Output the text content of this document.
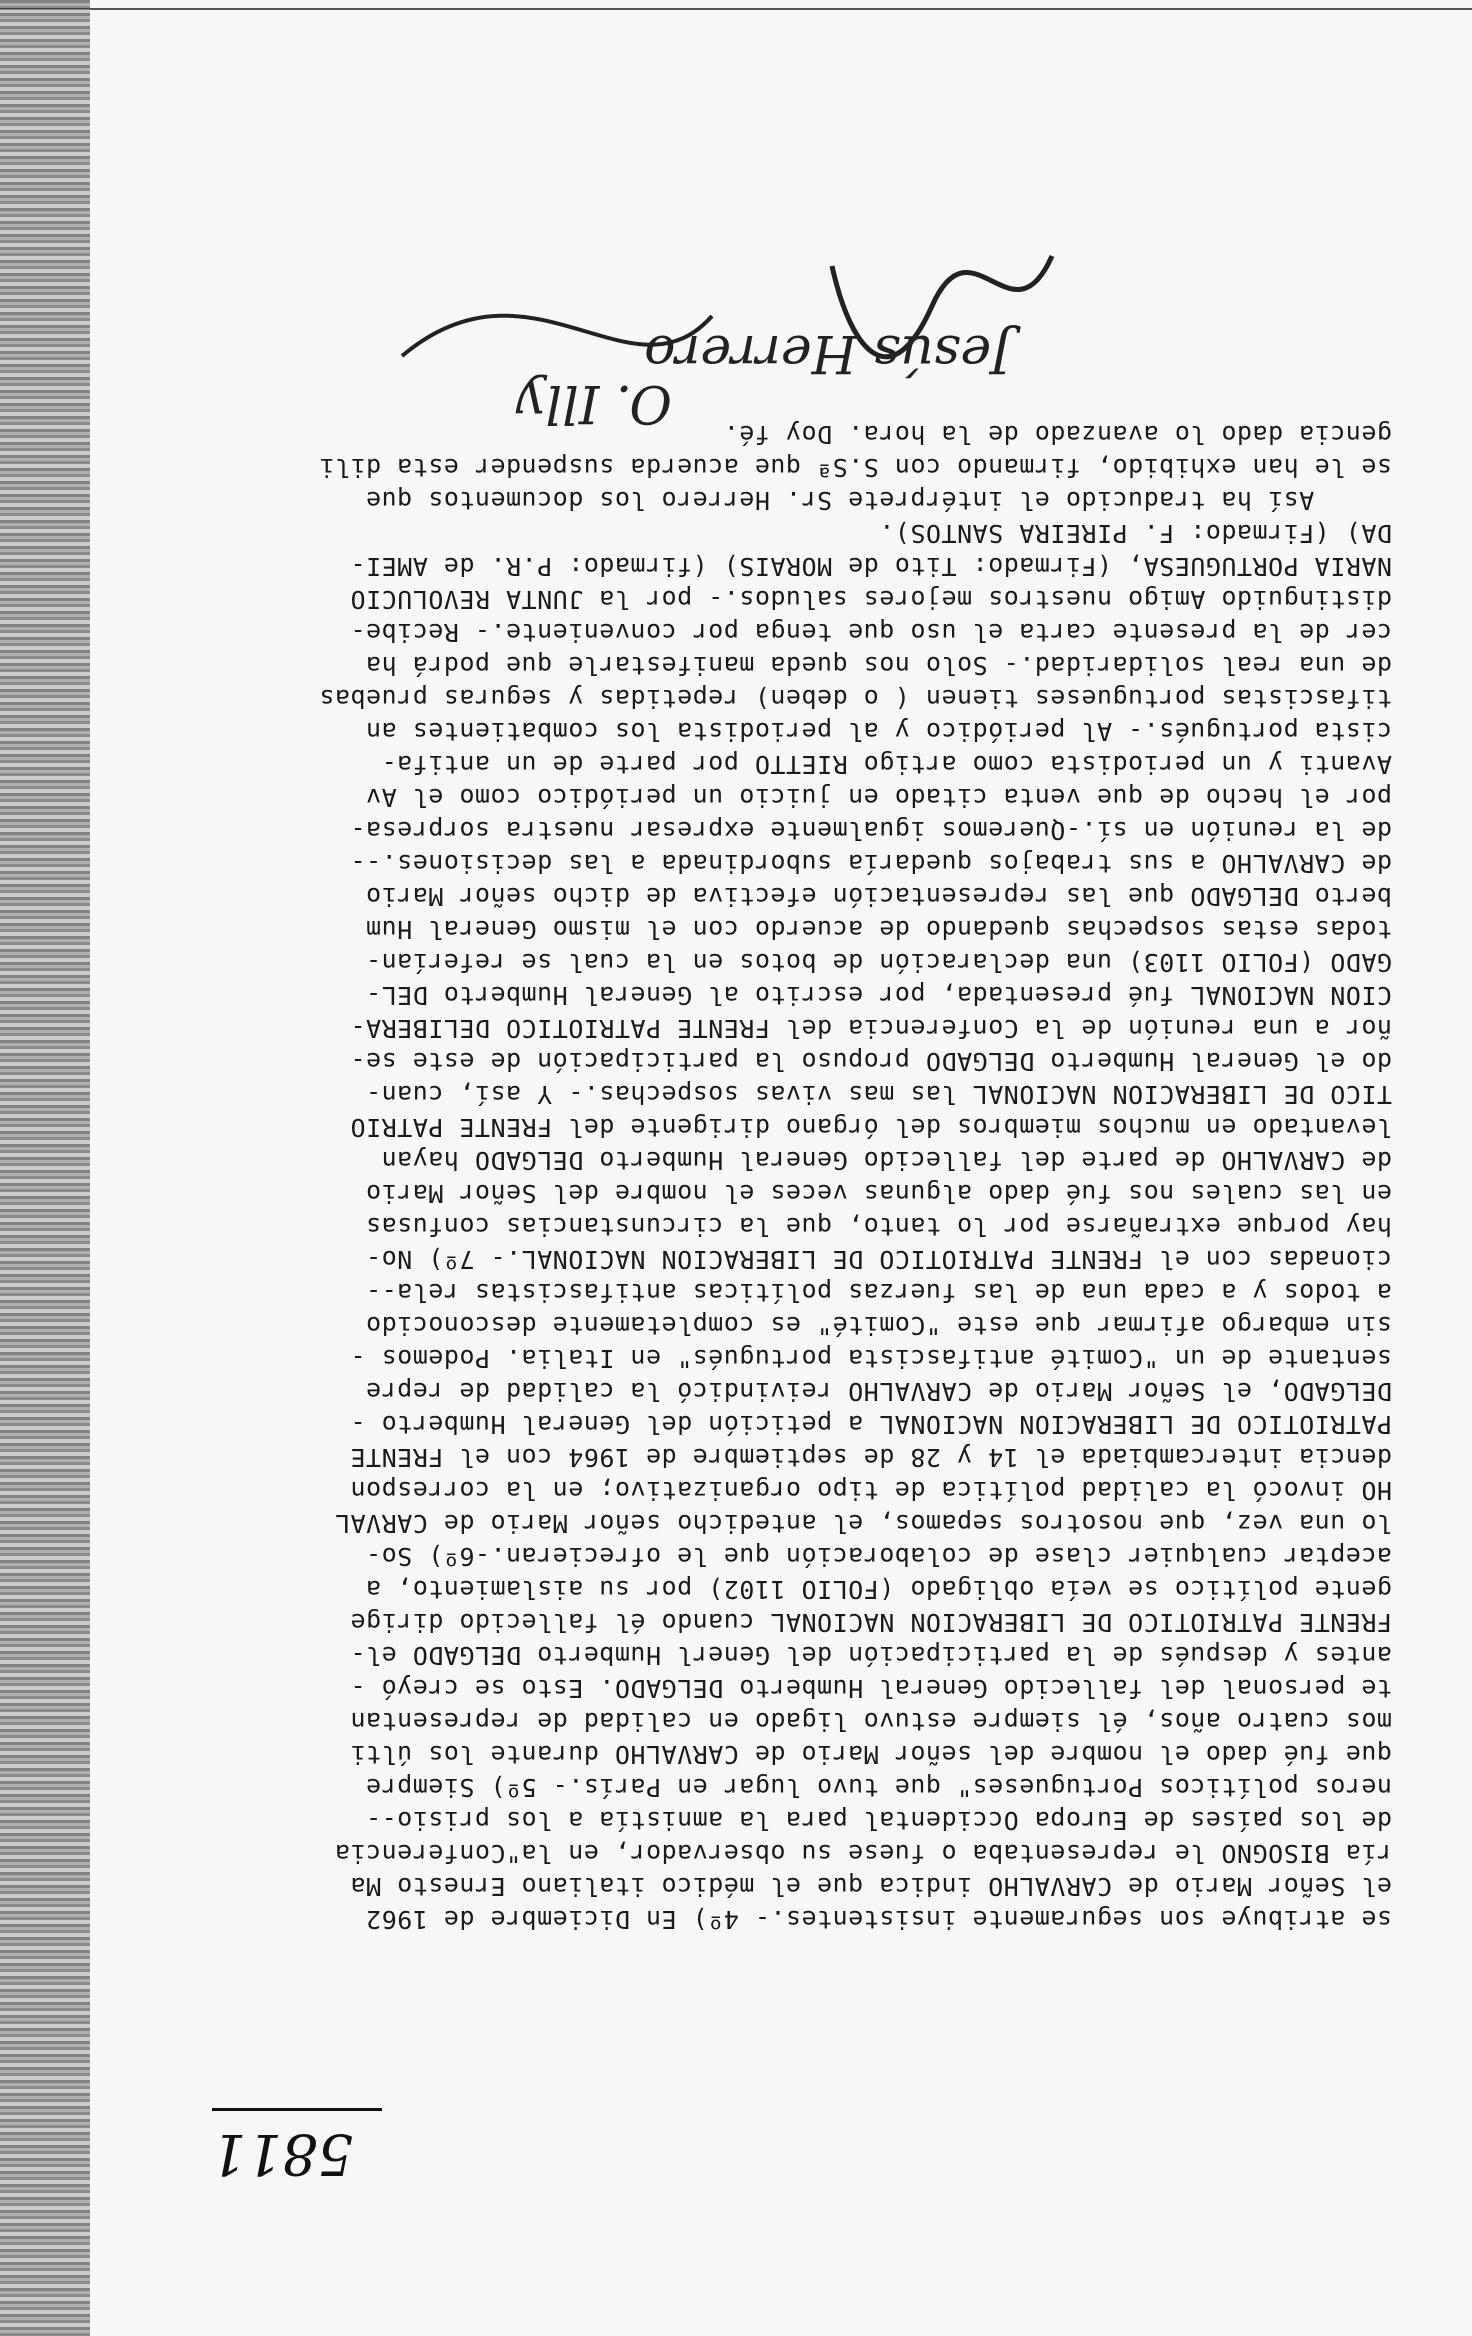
se atribuye son seguramente insistentes.- 4º) En Diciembre de 1962

el Señor Mario de CARVALHO indica que el médico italiano Ernesto Ma

ría BISOGNO le representaba o fuese su observador, en la"Conferencia

de los países de Europa Occidental para la amnistía a los prisio--

neros políticos Portugueses" que tuvo lugar en París.- 5º) Siempre

que fué dado el nombre del señor Mario de CARVALHO durante los últi

mos cuatro años, él siempre estuvo ligado en calidad de representan

te personal del fallecido General Humberto DELGADO. Esto se creyó -

antes y después de la participación del Generl Humberto DELGADO el-

FRENTE PATRIOTICO DE LIBERACION NACIONAL cuando él fallecido dirige

gente político se veía obligado (FOLIO 1102) por su aislamiento, a

aceptar cualquier clase de colaboración que le ofrecieran.-6º) So-

lo una vez, que nosotros sepamos, el antedicho señor Mario de CARVAL

HO invocó la calidad política de tipo organizativo; en la correspon

dencia intercambiada el 14 y 28 de septiembre de 1964 con el FRENTE

PATRIOTICO DE LIBERACION NACIONAL a petición del General Humberto -

DELGADO, el Señor Mario de CARVALHO reivindicó la calidad de repre

sentante de un "Comité antifascista portugués" en Italia. Podemos -

sin embargo afirmar que este "Comité" es completamente desconocido

a todos y a cada una de las fuerzas políticas antifascistas rela--

cionadas con el FRENTE PATRIOTICO DE LIBERACION NACIONAL.- 7º) No-

hay porque extrañarse por lo tanto, que la circunstancias confusas

en las cuales nos fué dado algunas veces el nombre del Señor Mario

de CARVALHO de parte del fallecido General Humberto DELGADO hayan

levantado en muchos miembros del órgano dirigente del FRENTE PATRIO

TICO DE LIBERACION NACIONAL las mas vivas sospechas.- Y así, cuan-

do el General Humberto DELGADO propuso la participación de este se-

ñor a una reunión de la Conferencia del FRENTE PATRIOTICO DELIBERA-

CION NACIONAL fué presentada, por escrito al General Humberto DEL-

GADO (FOLIO 1103) una declaración de botos en la cual se referían-

todas estas sospechas quedando de acuerdo con el mismo General Hum

berto DELGADO que las representación efectiva de dicho señor Mario

de CARVALHO a sus trabajos quedaría subordinada a las decisiones.--

de la reunión en sí.-Queremos igualmente expresar nuestra sorpresa-

por el hecho de que venta citado en juicio un periódico como el Av

Avanti y un periodista como artigo RIETTO por parte de un antifa-

cista portugués.- Al periódico y al periodista los combatientes an

tifascistas portugueses tienen ( o deben) repetidas y seguras pruebas

de una real solidaridad.- Solo nos queda manifestarle que podrá ha

cer de la presente carta el uso que tenga por conveniente.- Recibe-

distinguido Amigo nuestros mejores saludos.- por la JUNTA REVOLUCIO

NARIA PORTUGUESA, (Firmado: Tito de MORAIS) (firmado: P.R. de AMEI-

DA) (Firmado: F. PIREIRA SANTOS).

Así ha traducido el intérprete Sr. Herrero los documentos que

se le han exhibido, firmando con S.Sª que acuerda suspender esta dili

gencia dado lo avanzado de la hora. Doy fé.

Jesús Herrero
O. Illy
5811
